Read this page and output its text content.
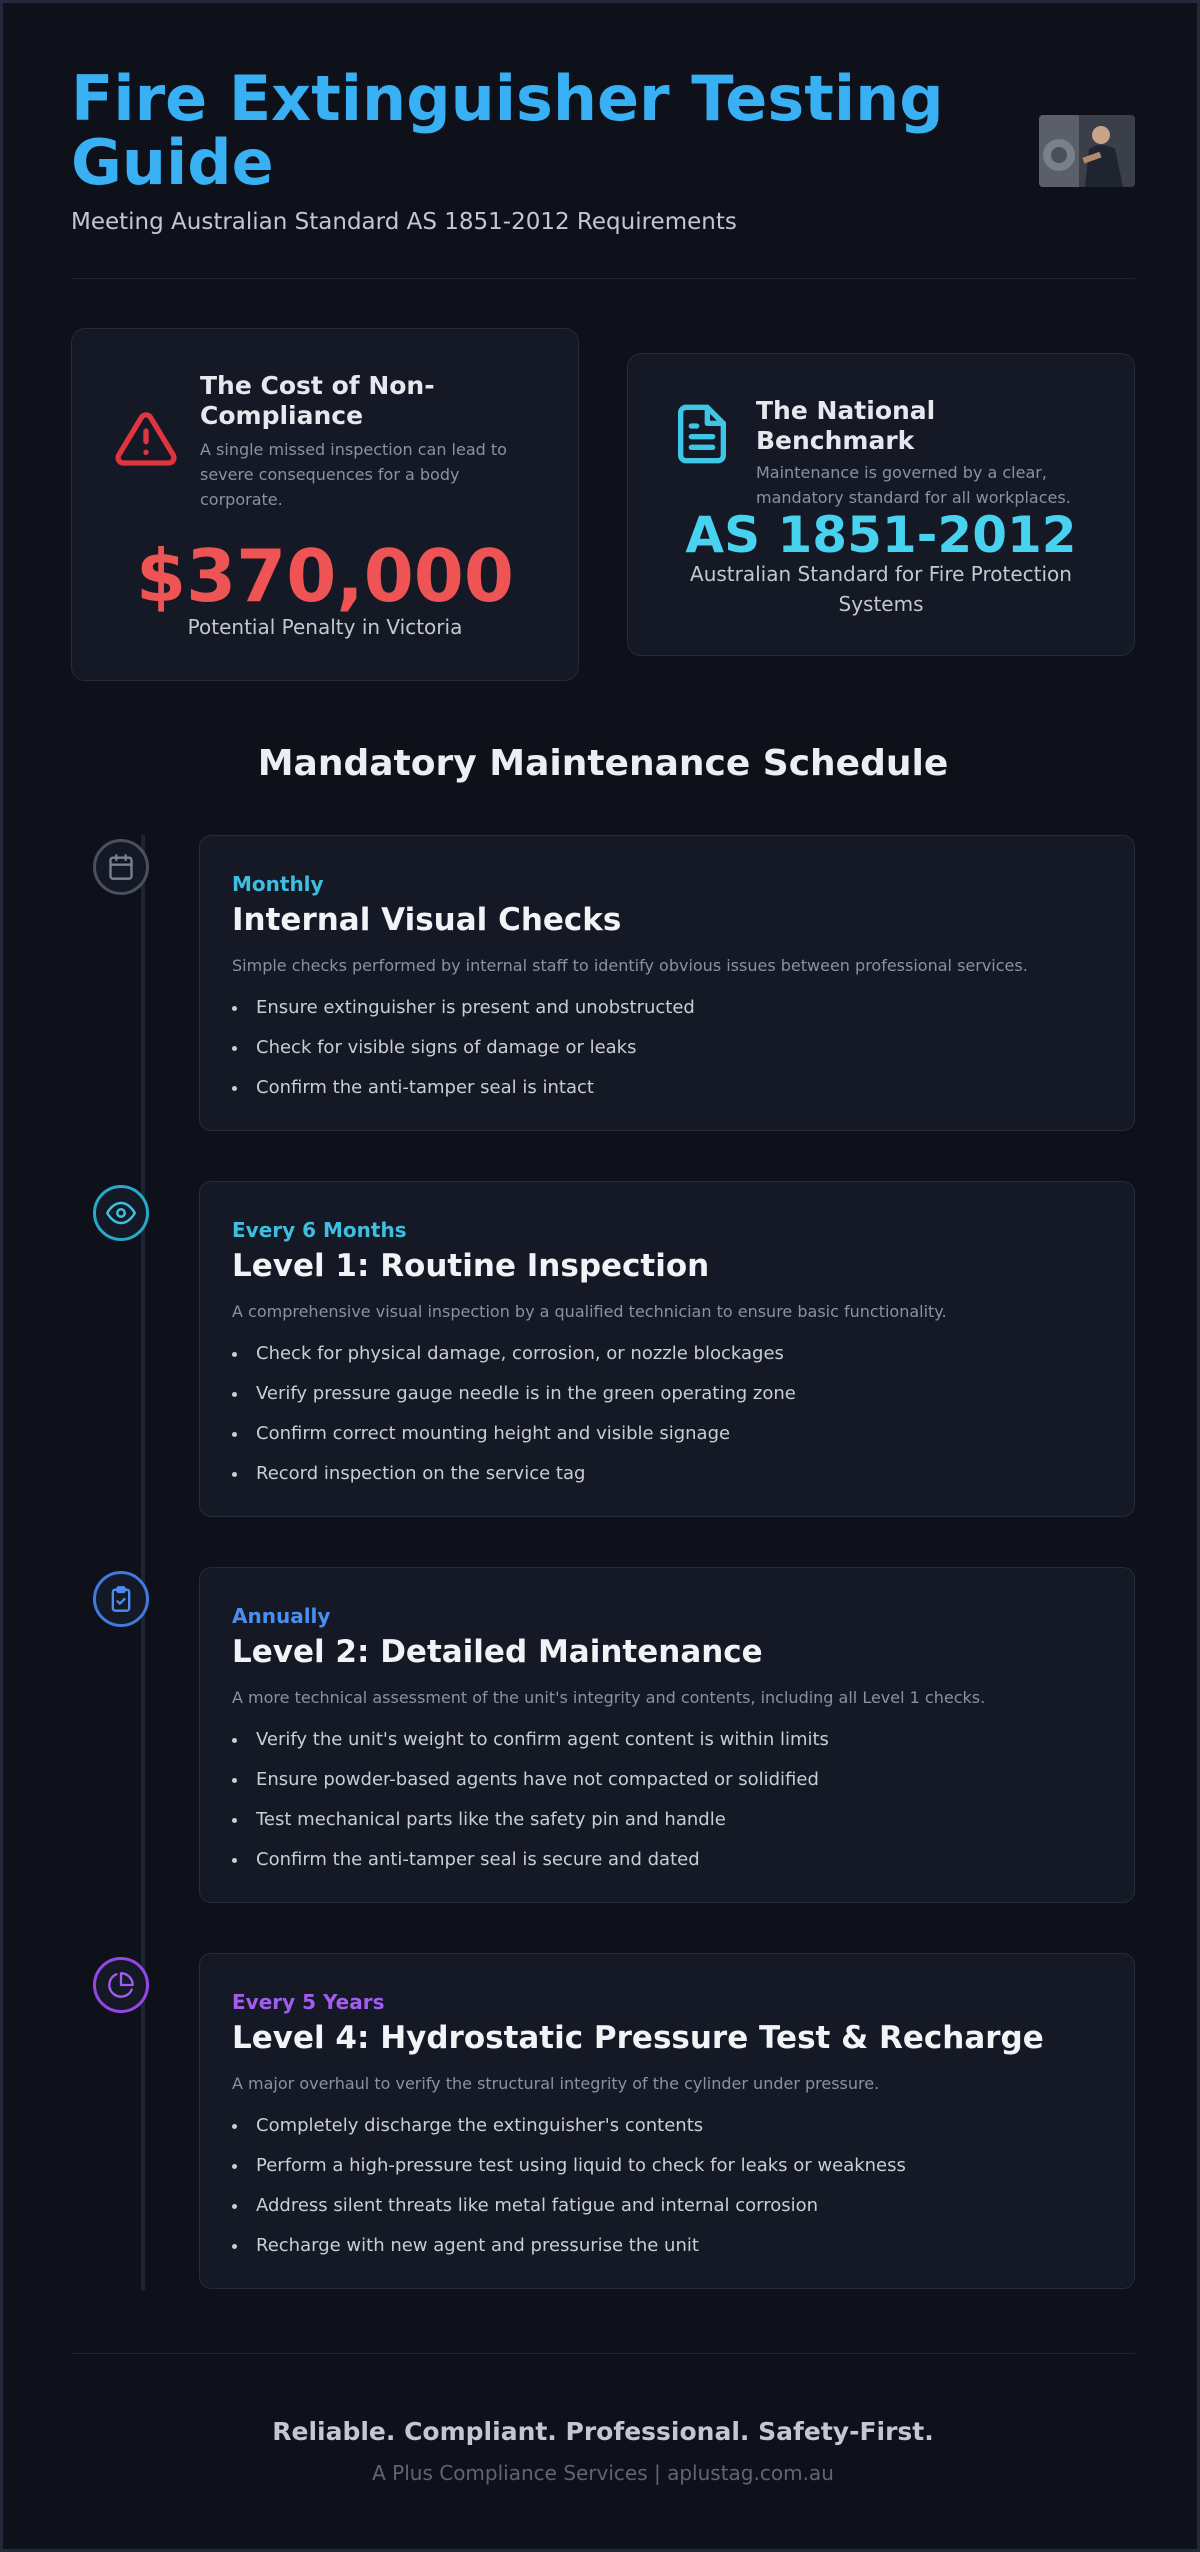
Fire Extinguisher Testing Guide

Meeting Australian Standard AS 1851-2012 Requirements

The Cost of Non-Compliance
A single missed inspection can lead to severe consequences for a body corporate.
$370,000
Potential Penalty in Victoria
The National Benchmark
Maintenance is governed by a clear, mandatory standard for all workplaces.
AS 1851-2012
Australian Standard for Fire Protection Systems
Mandatory Maintenance Schedule
Monthly
Internal Visual Checks
Simple checks performed by internal staff to identify obvious issues between professional services.
Ensure extinguisher is present and unobstructed
Check for visible signs of damage or leaks
Confirm the anti-tamper seal is intact
Every 6 Months
Level 1: Routine Inspection
A comprehensive visual inspection by a qualified technician to ensure basic functionality.
Check for physical damage, corrosion, or nozzle blockages
Verify pressure gauge needle is in the green operating zone
Confirm correct mounting height and visible signage
Record inspection on the service tag
Annually
Level 2: Detailed Maintenance
A more technical assessment of the unit's integrity and contents, including all Level 1 checks.
Verify the unit's weight to confirm agent content is within limits
Ensure powder-based agents have not compacted or solidified
Test mechanical parts like the safety pin and handle
Confirm the anti-tamper seal is secure and dated
Every 5 Years
Level 4: Hydrostatic Pressure Test & Recharge
A major overhaul to verify the structural integrity of the cylinder under pressure.
Completely discharge the extinguisher's contents
Perform a high-pressure test using liquid to check for leaks or weakness
Address silent threats like metal fatigue and internal corrosion
Recharge with new agent and pressurise the unit
Reliable. Compliant. Professional. Safety-First.
A Plus Compliance Services | aplustag.com.au
